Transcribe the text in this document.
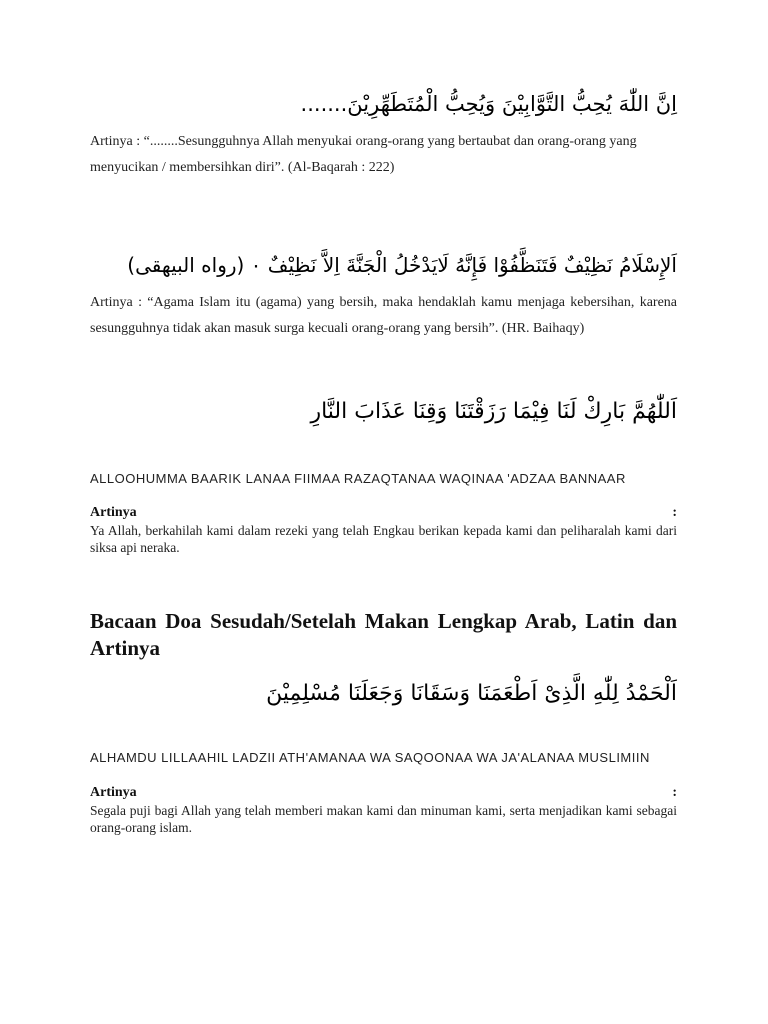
اِنَّ اللّٰهَ يُحِبُّ التَّوَّابِيْنَ وَيُحِبُّ الْمُتَطَهِّرِيْنَ.......

Artinya : “........Sesungguhnya Allah menyukai orang-orang yang bertaubat dan orang-orang yang menyucikan / membersihkan diri”. (Al-Baqarah : 222)

اَلإِسْلَامُ نَظِيْفٌ فَتَنَظَّفُوْا فَإِنَّهُ لَايَدْخُلُ الْجَنَّةَ اِلاَّ نَظِيْفٌ ٠ (رواه البيهقى)

Artinya : “Agama Islam itu (agama) yang bersih, maka hendaklah kamu menjaga kebersihan, karena sesungguhnya tidak akan masuk surga kecuali orang-orang yang bersih”. (HR. Baihaqy)

اَللّٰهُمَّ بَارِكْ لَنَا فِيْمَا رَزَقْتَنَا وَقِنَا عَذَابَ النَّارِ
ALLOOHUMMA BAARIK LANAA FIIMAA RAZAQTANAA WAQINAA 'ADZAA BANNAAR
Artinya	:
Ya Allah, berkahilah kami dalam rezeki yang telah Engkau berikan kepada kami dan peliharalah kami dari siksa api neraka.
Bacaan Doa Sesudah/Setelah Makan Lengkap Arab, Latin dan Artinya
اَلْحَمْدُ لِلّٰهِ الَّذِىْ اَطْعَمَنَا وَسَقَانَا وَجَعَلَنَا مُسْلِمِيْنَ
ALHAMDU LILLAAHIL LADZII ATH'AMANAA WA SAQOONAA WA JA'ALANAA MUSLIMIIN
Artinya	:
Segala puji bagi Allah yang telah memberi makan kami dan minuman kami, serta menjadikan kami sebagai orang-orang islam.
